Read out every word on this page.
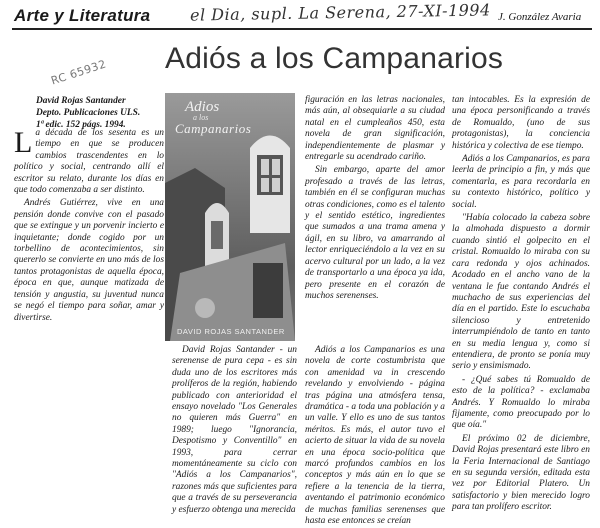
Arte y Literatura el Dia, supl. La Serena, 27-XI-1994 J. González Avaria
RC 65932 Adiós a los Campanarios
David Rojas Santander
Depto. Publicaciones ULS.
1ª edic. 152 págs. 1994.

La década de los sesenta es un tiempo en que se producen cambios trascendentes en lo político y social, centrando allí el escritor su relato, durante los días en que todo comenzaba a ser distinto.

Andrés Gutiérrez, vive en una pensión donde convive con el pasado que se extingue y un porvenir incierto e inquietante; donde cogido por un torbellino de acontecimientos, sin quererlo se convierte en uno más de los tantos protagonistas de aquella época, época en que, aunque matizada de tensión y angustia, su juventud nunca se negó el tiempo para soñar, amar y divertirse.

Adios
a los
Campanarios
DAVID ROJAS SANTANDER

figuración en las letras nacionales, más aún, al obsequiarle a su ciudad natal en el cumpleaños 450, esta novela de gran significación, independientemente de plasmar y entregarle su acendrado cariño.

Sin embargo, aparte del amor profesado a través de las letras, también en él se configuran muchas otras condiciones, como es el talento y el sentido estético, ingredientes que sumados a una trama amena y ágil, en su libro, va amarrando al lector enriqueciéndolo a la vez en su acervo cultural por un lado, a la vez de transportarlo a una época ya ida, pero presente en el corazón de muchos serenenses.

David Rojas Santander - un serenense de pura cepa - es sin duda uno de los escritores más prolíferos de la región, habiendo publicado con anterioridad el ensayo novelado "Los Generales no quieren más Guerra" en 1989; luego "Ignorancia, Despotismo y Conventillo" en 1993, para cerrar momentáneamente su ciclo con "Adiós a los Campanarios", razones más que suficientes para que a través de su perseverancia y esfuerzo obtenga una merecida

Adiós a los Campanarios es una novela de corte costumbrista que con amenidad va in crescendo revelando y envolviendo - página tras página una atmósfera tensa, dramática - a toda una población y a un valle. Y ello es uno de sus tantos méritos. Es más, el autor tuvo el acierto de situar la vida de su novela en una época socio-política que marcó profundos cambios en los conceptos y más aún en lo que se refiere a la tenencia de la tierra, aventando el patrimonio económico de muchas familias serenenses que hasta ese entonces se creían

tan intocables. Es la expresión de una época personificando a través de Romualdo, (uno de sus protagonistas), la conciencia histórica y colectiva de ese tiempo.

Adiós a los Campanarios, es para leerla de principio a fin, y más que comentarla, es para recordarla en su contexto histórico, político y social.

"Había colocado la cabeza sobre la almohada dispuesto a dormir cuando sintió el golpecito en el cristal. Romualdo lo miraba con su cara redonda y ojos achinados. Acodado en el ancho vano de la ventana le fue contando Andrés el muchacho de sus experiencias del día en el partido. Este lo escuchaba silencioso y entretenido interrumpiéndolo de tanto en tanto en su media lengua y, como si entendiera, de pronto se ponía muy serio y ensimismado.

- ¿Qué sabes tú Romualdo de esto de la política? - exclamaba Andrés. Y Romualdo lo miraba fijamente, como preocupado por lo que oía."

El próximo 02 de diciembre, David Rojas presentará este libro en la Feria Internacional de Santiago en su segunda versión, editada esta vez por Editorial Platero. Un satisfactorio y bien merecido logro para tan prolífero escritor.
